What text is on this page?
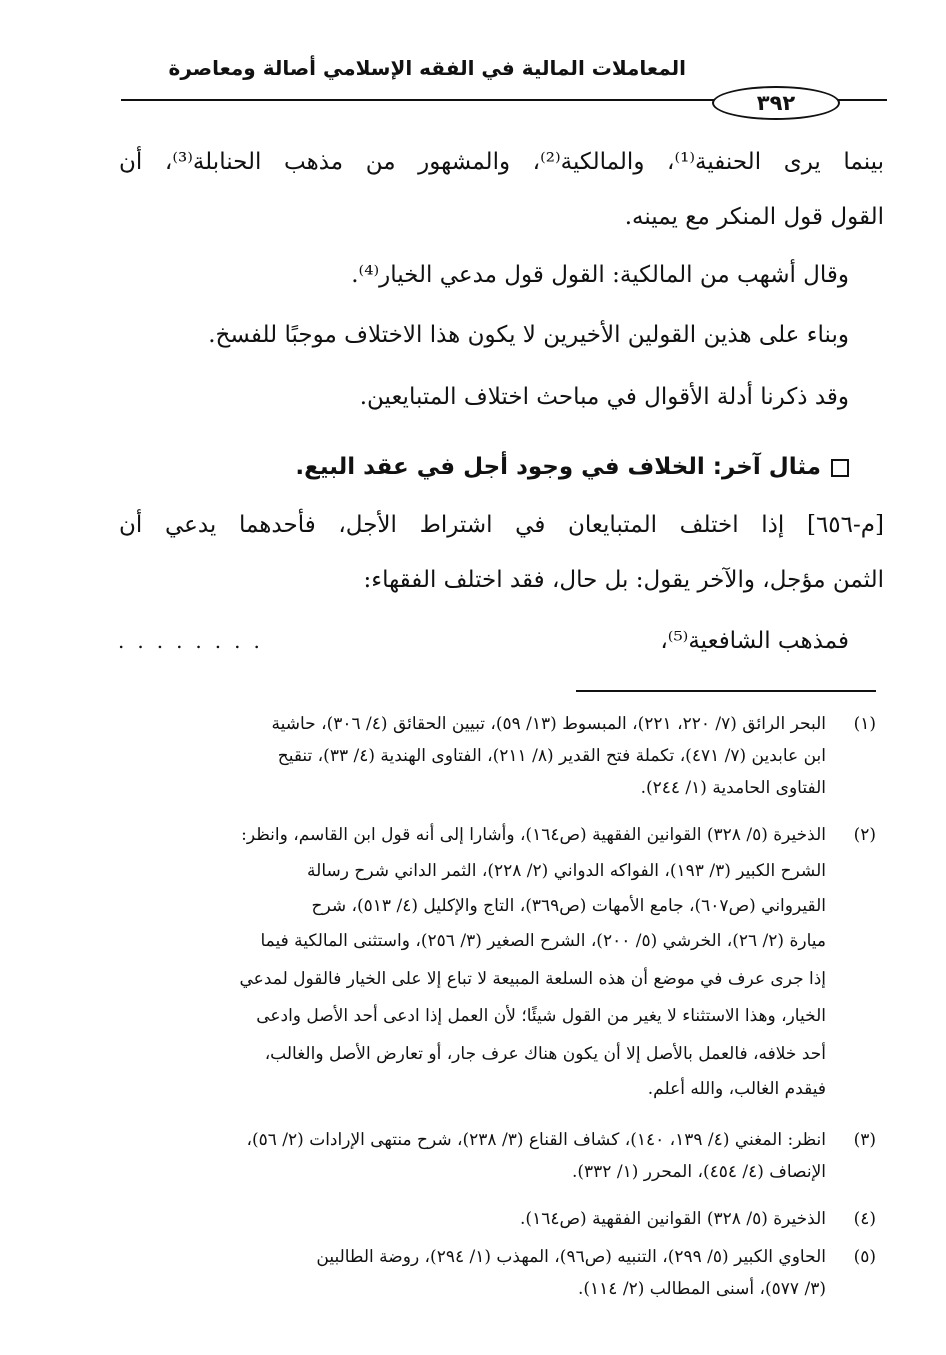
المعاملات المالية في الفقه الإسلامي أصالة ومعاصرة
٣٩٢
بينما يرى الحنفية⁽¹⁾، والمالكية⁽²⁾، والمشهور من مذهب الحنابلة⁽³⁾، أن
القول قول المنكر مع يمينه.
وقال أشهب من المالكية: القول قول مدعي الخيار⁽⁴⁾.
وبناء على هذين القولين الأخيرين لا يكون هذا الاختلاف موجبًا للفسخ.
وقد ذكرنا أدلة الأقوال في مباحث اختلاف المتبايعين.
مثال آخر: الخلاف في وجود أجل في عقد البيع.
[م-٦٥٦] إذا اختلف المتبايعان في اشتراط الأجل، فأحدهما يدعي أن
الثمن مؤجل، والآخر يقول: بل حال، فقد اختلف الفقهاء:
فمذهب الشافعية⁽⁵⁾،
........
(١)
البحر الرائق (٧/ ٢٢٠، ٢٢١)، المبسوط (١٣/ ٥٩)، تبيين الحقائق (٤/ ٣٠٦)، حاشية
ابن عابدين (٧/ ٤٧١)، تكملة فتح القدير (٨/ ٢١١)، الفتاوى الهندية (٤/ ٣٣)، تنقيح
الفتاوى الحامدية (١/ ٢٤٤).
(٢)
الذخيرة (٥/ ٣٢٨) القوانين الفقهية (ص١٦٤)، وأشارا إلى أنه قول ابن القاسم، وانظر:
الشرح الكبير (٣/ ١٩٣)، الفواكه الدواني (٢/ ٢٢٨)، الثمر الداني شرح رسالة
القيرواني (ص٦٠٧)، جامع الأمهات (ص٣٦٩)، التاج والإكليل (٤/ ٥١٣)، شرح
ميارة (٢/ ٢٦)، الخرشي (٥/ ٢٠٠)، الشرح الصغير (٣/ ٢٥٦)، واستثنى المالكية فيما
إذا جرى عرف في موضع أن هذه السلعة المبيعة لا تباع إلا على الخيار فالقول لمدعي
الخيار، وهذا الاستثناء لا يغير من القول شيئًا؛ لأن العمل إذا ادعى أحد الأصل وادعى
أحد خلافه، فالعمل بالأصل إلا أن يكون هناك عرف جار، أو تعارض الأصل والغالب،
فيقدم الغالب، والله أعلم.
(٣)
انظر: المغني (٤/ ١٣٩، ١٤٠)، كشاف القناع (٣/ ٢٣٨)، شرح منتهى الإرادات (٢/ ٥٦)،
الإنصاف (٤/ ٤٥٤)، المحرر (١/ ٣٣٢).
(٤)
الذخيرة (٥/ ٣٢٨) القوانين الفقهية (ص١٦٤).
(٥)
الحاوي الكبير (٥/ ٢٩٩)، التنبيه (ص٩٦)، المهذب (١/ ٢٩٤)، روضة الطالبين
(٣/ ٥٧٧)، أسنى المطالب (٢/ ١١٤).
